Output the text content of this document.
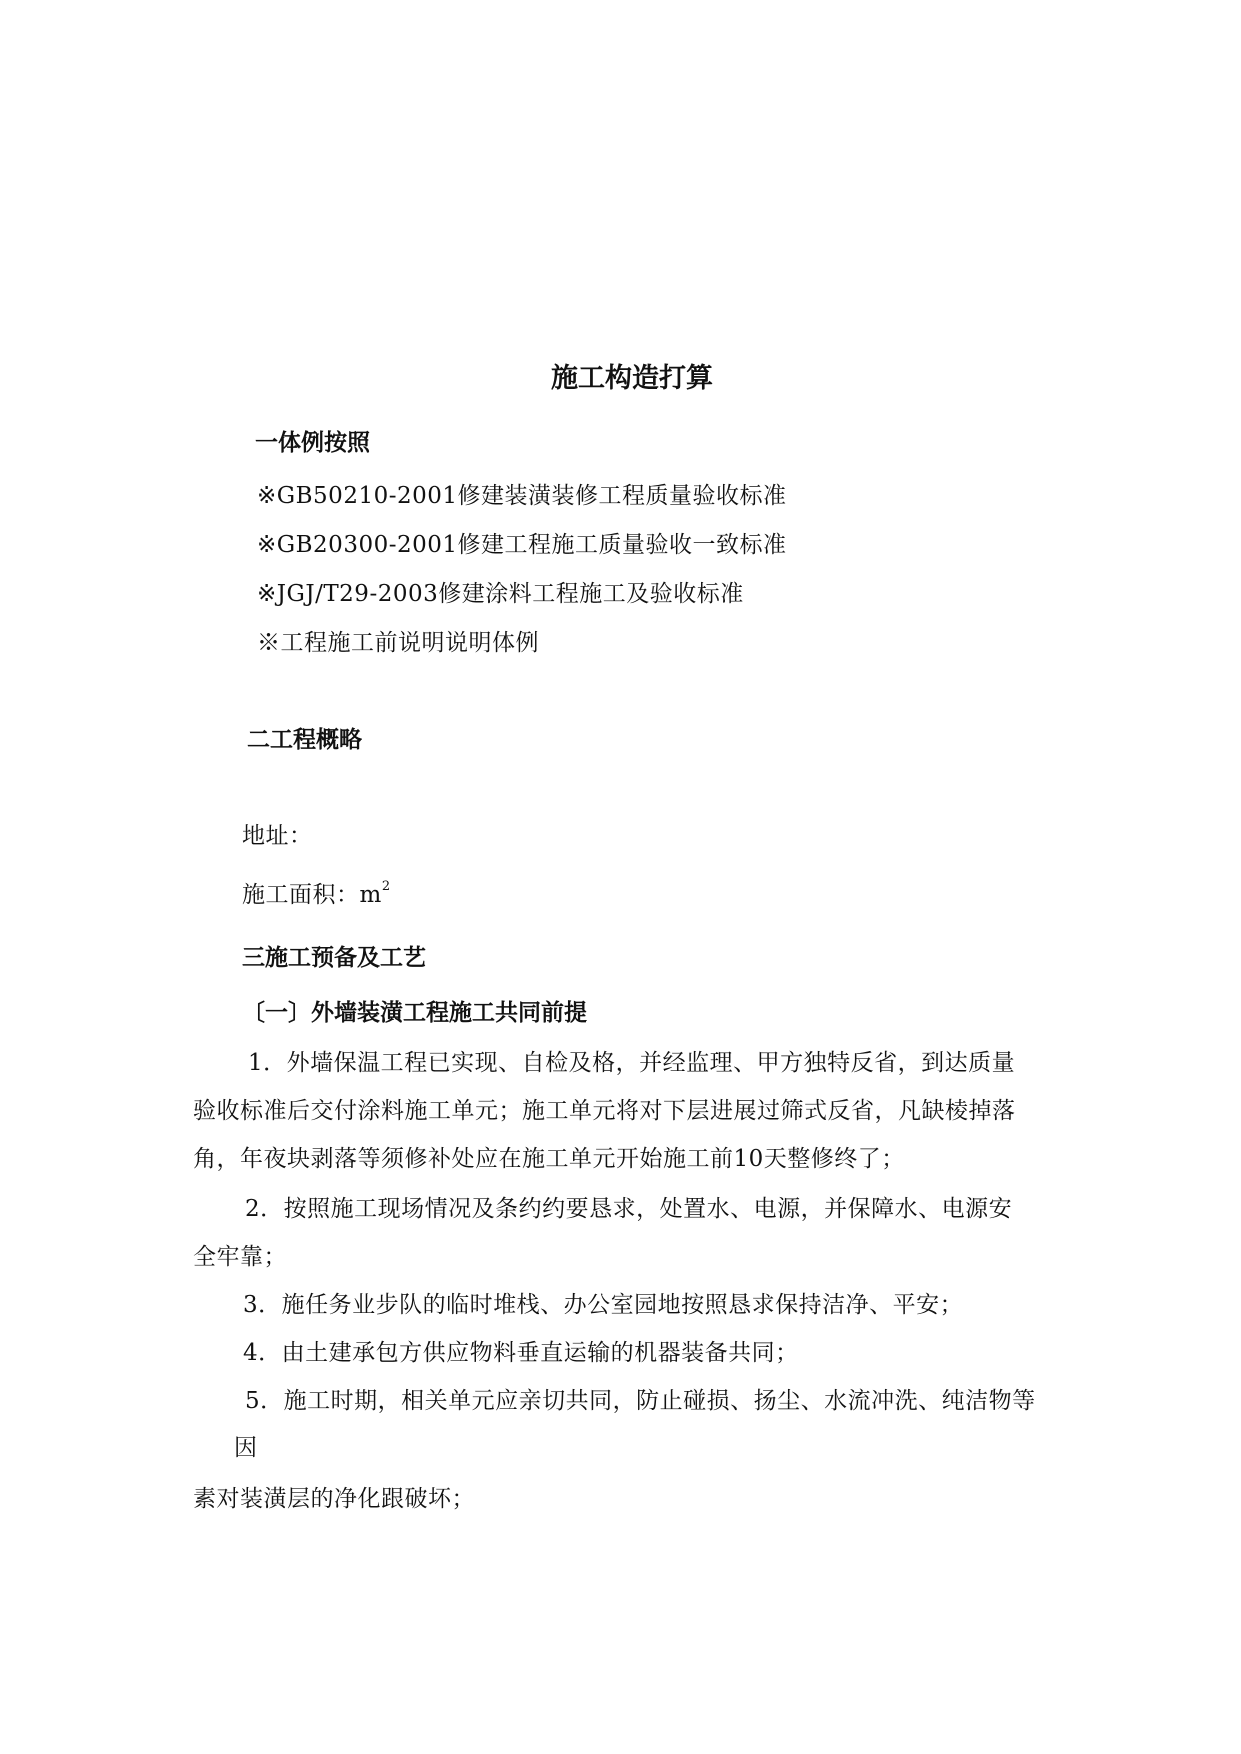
施工构造打算
一体例按照
※GB50210-2001修建装潢装修工程质量验收标准
※GB20300-2001修建工程施工质量验收一致标准
※JGJ/T29-2003修建涂料工程施工及验收标准
※工程施工前说明说明体例
二工程概略
地址：
施工面积：$m^2$
三施工预备及工艺
〔一〕外墙装潢工程施工共同前提
1．外墙保温工程已实现、自检及格，并经监理、甲方独特反省，到达质量
验收标准后交付涂料施工单元；施工单元将对下层进展过筛式反省，凡缺棱掉落
角，年夜块剥落等须修补处应在施工单元开始施工前10天整修终了；
2．按照施工现场情况及条约约要恳求，处置水、电源，并保障水、电源安
全牢靠；
3．施任务业步队的临时堆栈、办公室园地按照恳求保持洁净、平安；
4．由土建承包方供应物料垂直运输的机器装备共同；
5．施工时期，相关单元应亲切共同，防止碰损、扬尘、水流冲洗、纯洁物等
因
素对装潢层的净化跟破坏；
